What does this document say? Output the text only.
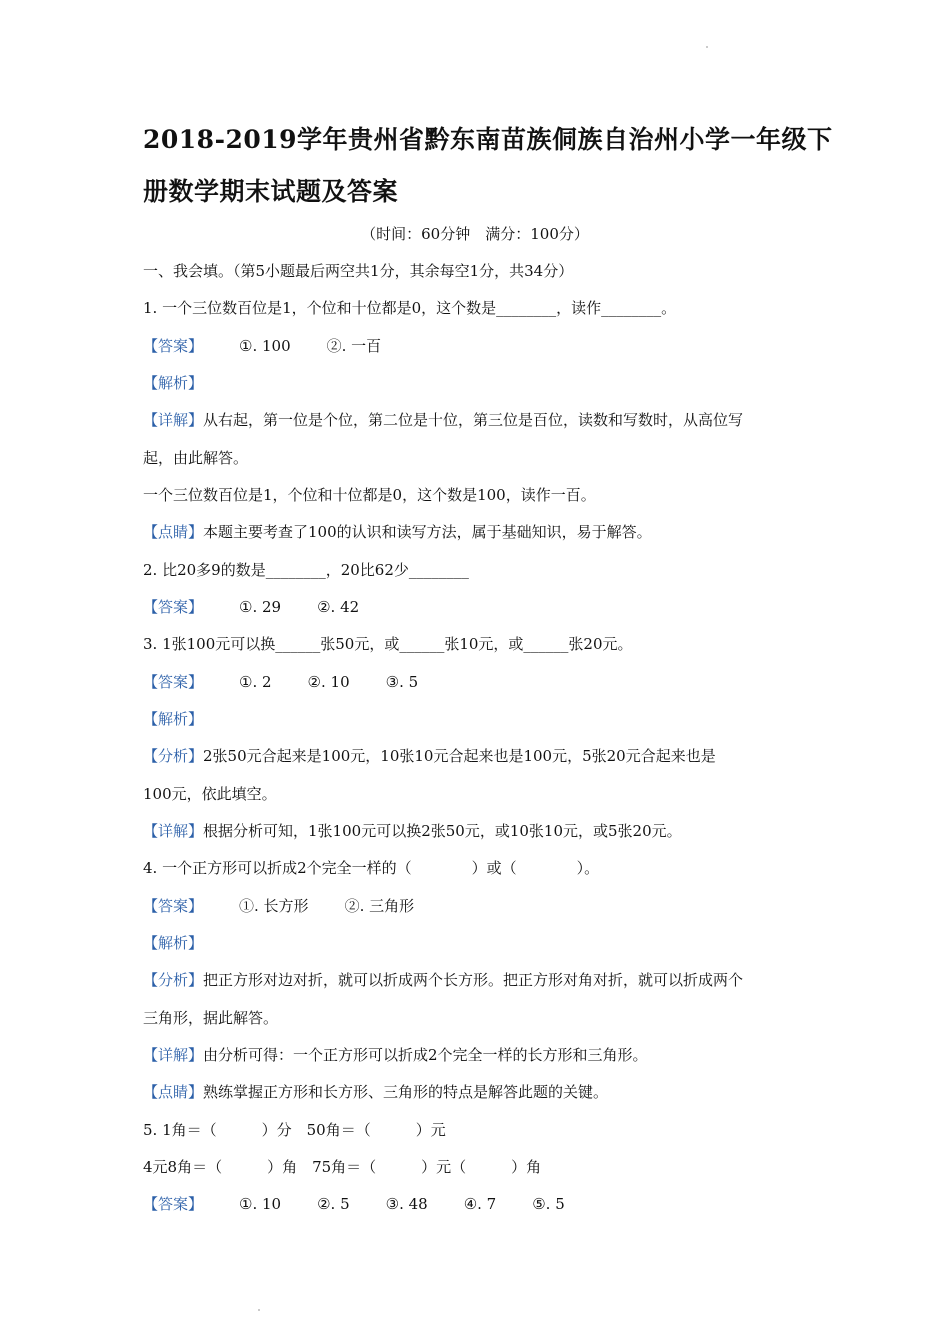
2018-2019学年贵州省黔东南苗族侗族自治州小学一年级下
册数学期末试题及答案
（时间：60分钟　满分：100分）
一、我会填。（第5小题最后两空共1分，其余每空1分，共34分）
1. 一个三位数百位是1，个位和十位都是0，这个数是________，读作________。
【答案】 ①. 100 ②. 一百
【解析】
【详解】从右起，第一位是个位，第二位是十位，第三位是百位，读数和写数时，从高位写
起，由此解答。
一个三位数百位是1，个位和十位都是0，这个数是100，读作一百。
【点睛】本题主要考查了100的认识和读写方法，属于基础知识，易于解答。
2. 比20多9的数是________，20比62少________
【答案】 ①. 29 ②. 42
3. 1张100元可以换______张50元，或______张10元，或______张20元。
【答案】 ①. 2 ②. 10 ③. 5
【解析】
【分析】2张50元合起来是100元，10张10元合起来也是100元，5张20元合起来也是
100元，依此填空。
【详解】根据分析可知，1张100元可以换2张50元，或10张10元，或5张20元。
4. 一个正方形可以折成2个完全一样的（　　　　）或（　　　　）。
【答案】 ①. 长方形 ②. 三角形
【解析】
【分析】把正方形对边对折，就可以折成两个长方形。把正方形对角对折，就可以折成两个
三角形，据此解答。
【详解】由分析可得：一个正方形可以折成2个完全一样的长方形和三角形。
【点睛】熟练掌握正方形和长方形、三角形的特点是解答此题的关键。
5. 1角＝（　　　）分　50角＝（　　　）元
4元8角＝（　　　）角　75角＝（　　　）元（　　　）角
【答案】 ①. 10 ②. 5 ③. 48 ④. 7 ⑤. 5
